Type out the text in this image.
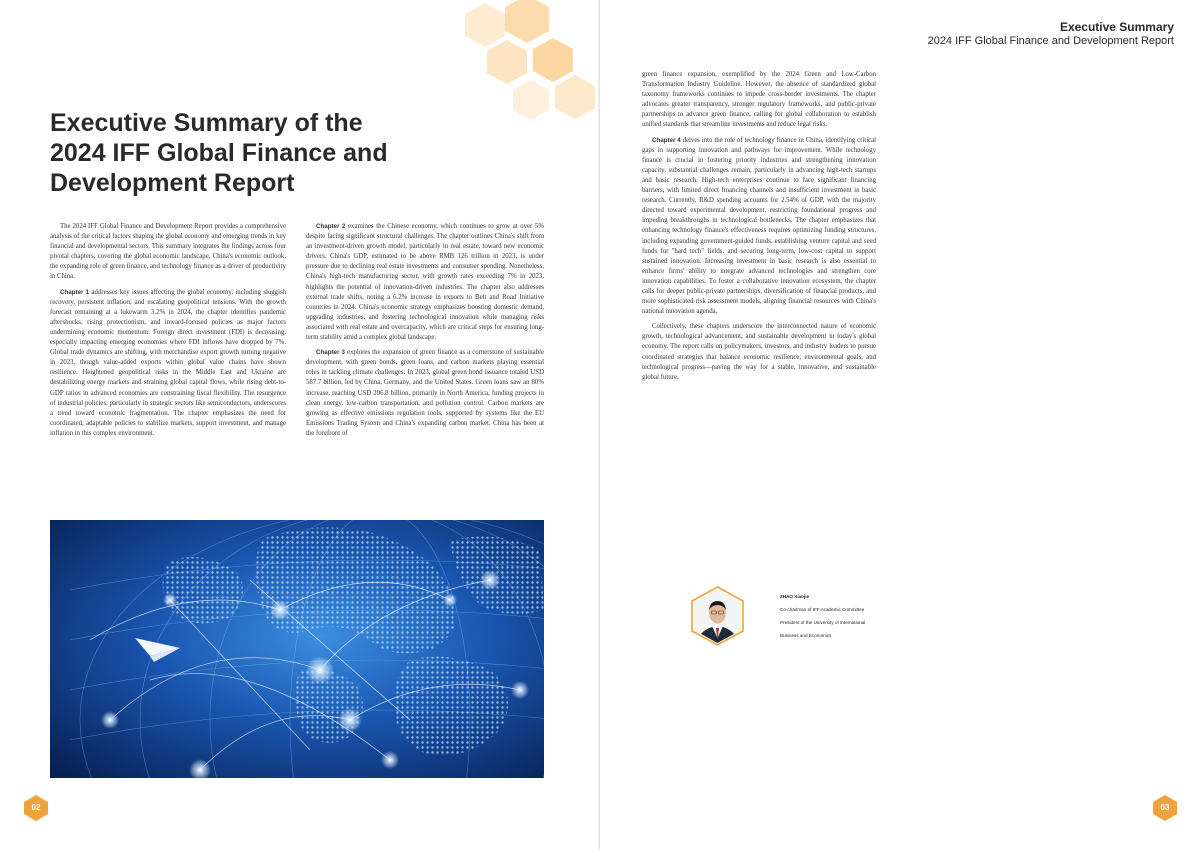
Executive Summary of the
2024 IFF Global Finance and
Development Report

The 2024 IFF Global Finance and Development Report provides a comprehensive analysis of the critical factors shaping the global economy and emerging trends in key financial and developmental sectors. This summary integrates the findings across four pivotal chapters, covering the global economic landscape, China's economic outlook, the expanding role of green finance, and technology finance as a driver of productivity in China.

Chapter 1 addresses key issues affecting the global economy, including sluggish recovery, persistent inflation, and escalating geopolitical tensions. With the growth forecast remaining at a lukewarm 3.2% in 2024, the chapter identifies pandemic aftershocks, rising protectionism, and inward-focused policies as major factors undermining economic momentum. Foreign direct investment (FDI) is decreasing, especially impacting emerging economies where FDI inflows have dropped by 7%. Global trade dynamics are shifting, with merchandise export growth turning negative in 2023, though value-added exports within global value chains have shown resilience. Heightened geopolitical risks in the Middle East and Ukraine are destabilizing energy markets and straining global capital flows, while rising debt-to-GDP ratios in advanced economies are constraining fiscal flexibility. The resurgence of industrial policies, particularly in strategic sectors like semiconductors, underscores a trend toward economic fragmentation. The chapter emphasizes the need for coordinated, adaptable policies to stabilize markets, support investment, and manage inflation in this complex environment.

Chapter 2 examines the Chinese economy, which continues to grow at over 5% despite facing significant structural challenges. The chapter outlines China's shift from an investment-driven growth model, particularly in real estate, toward new economic drivers. China's GDP, estimated to be above RMB 126 trillion in 2023, is under pressure due to declining real estate investments and consumer spending. Nonetheless, China's high-tech manufacturing sector, with growth rates exceeding 7% in 2023, highlights the potential of innovation-driven industries. The chapter also addresses external trade shifts, noting a 6.2% increase in exports to Belt and Road Initiative countries in 2024. China's economic strategy emphasizes boosting domestic demand, upgrading industries, and fostering technological innovation while managing risks associated with real estate and overcapacity, which are critical steps for ensuring long-term stability amid a complex global landscape.

Chapter 3 explores the expansion of green finance as a cornerstone of sustainable development, with green bonds, green loans, and carbon markets playing essential roles in tackling climate challenges. In 2023, global green bond issuance totaled USD 587.7 billion, led by China, Germany, and the United States. Green loans saw an 80% increase, reaching USD 206.8 billion, primarily in North America, funding projects in clean energy, low-carbon transportation, and pollution control. Carbon markets are growing as effective emissions regulation tools, supported by systems like the EU Emissions Trading System and China's expanding carbon market. China has been at the forefront of

02
Executive Summary
2024 IFF Global Finance and Development Report

green finance expansion, exemplified by the 2024 Green and Low-Carbon Transformation Industry Guideline. However, the absence of standardized global taxonomy frameworks continues to impede cross-border investments. The chapter advocates greater transparency, stronger regulatory frameworks, and public-private partnerships to advance green finance, calling for global collaboration to establish unified standards that streamline investments and reduce legal risks.

Chapter 4 delves into the role of technology finance in China, identifying critical gaps in supporting innovation and pathways for improvement. While technology finance is crucial in fostering priority industries and strengthening innovation capacity, substantial challenges remain, particularly in advancing high-tech startups and basic research. High-tech enterprises continue to face significant financing barriers, with limited direct financing channels and insufficient investment in basic research. Currently, R&D spending accounts for 2.54% of GDP, with the majority directed toward experimental development, restricting foundational progress and impeding breakthroughs in technological bottlenecks. The chapter emphasizes that enhancing technology finance's effectiveness requires optimizing funding structures, including expanding government-guided funds, establishing venture capital and seed funds for "hard tech" fields, and securing long-term, low-cost capital to support sustained innovation. Increasing investment in basic research is also essential to enhance firms' ability to integrate advanced technologies and strengthen core innovation capabilities. To foster a collaborative innovation ecosystem, the chapter calls for deeper public-private partnerships, diversification of financial products, and more sophisticated risk assessment models, aligning financial resources with China's national innovation agenda.

Collectively, these chapters underscore the interconnected nature of economic growth, technological advancement, and sustainable development in today's global economy. The report calls on policymakers, investors, and industry leaders to pursue coordinated strategies that balance economic resilience, environmental goals, and technological progress—paving the way for a stable, innovative, and sustainable global future.

ZHAO Xiaojie
Co-chairman of IFF Academic Committee
President of the University of International
Business and Economics
03
